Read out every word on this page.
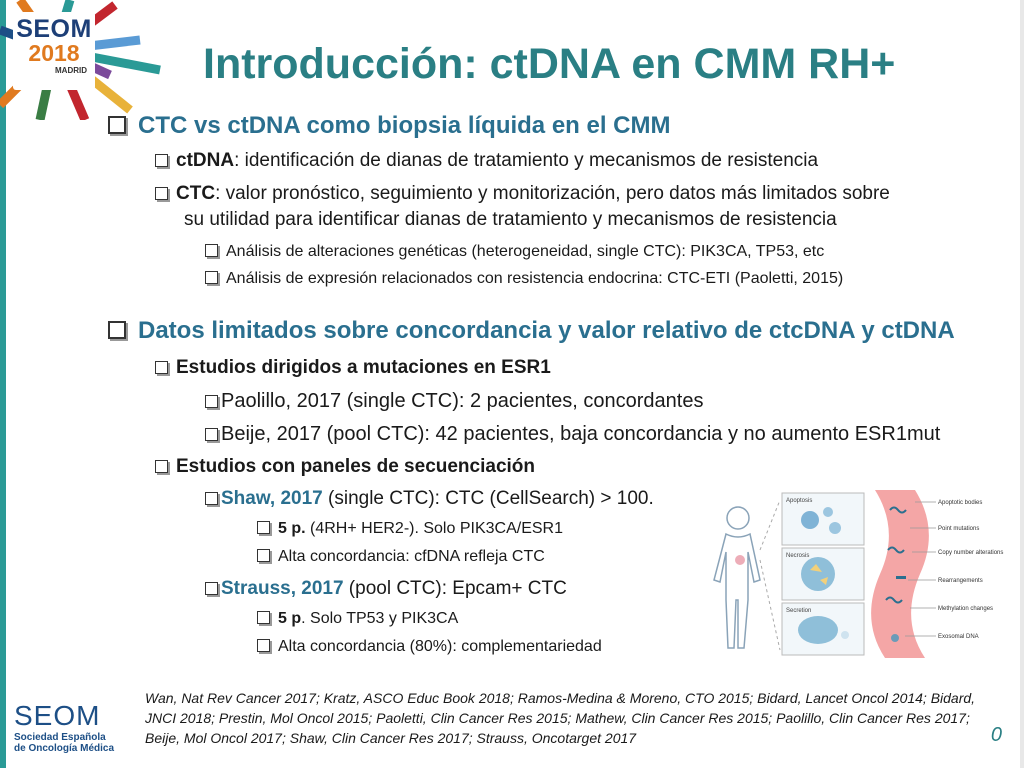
SEOM
2018
MADRID	Introducción: ctDNA en CMM RH+
CTC vs ctDNA como biopsia líquida en el CMM
ctDNA: identificación de dianas de tratamiento y mecanismos de resistencia
CTC: valor pronóstico, seguimiento y monitorización, pero datos más limitados sobre
su utilidad para identificar dianas de tratamiento y mecanismos de resistencia
Análisis de alteraciones genéticas (heterogeneidad, single CTC): PIK3CA, TP53, etc
Análisis de expresión relacionados con resistencia endocrina: CTC-ETI (Paoletti, 2015)
Datos limitados sobre concordancia y valor relativo de ctcDNA y ctDNA
Estudios dirigidos a mutaciones en ESR1
Paolillo, 2017 (single CTC): 2 pacientes, concordantes
Beije, 2017 (pool CTC): 42 pacientes, baja concordancia y no aumento ESR1mut
Estudios con paneles de secuenciación
Shaw, 2017 (single CTC): CTC (CellSearch) > 100.
5 p. (4RH+ HER2-). Solo PIK3CA/ESR1
Alta concordancia: cfDNA refleja CTC
Strauss, 2017 (pool CTC): Epcam+ CTC
5 p. Solo TP53 y PIK3CA
Alta concordancia (80%): complementariedad
Apoptosis
Necrosis
Secretion
Apoptotic bodies
Point mutations
Copy number alterations
Rearrangements
Methylation changes
Exosomal DNA
SEOM
Sociedad Española
de Oncología Médica
Wan, Nat Rev Cancer 2017; Kratz, ASCO Educ Book 2018; Ramos-Medina & Moreno, CTO 2015; Bidard, Lancet Oncol 2014; Bidard, JNCI 2018; Prestin, Mol Oncol 2015; Paoletti, Clin Cancer Res 2015; Mathew, Clin Cancer Res 2015; Paolillo, Clin Cancer Res 2017; Beije, Mol Oncol 2017; Shaw, Clin Cancer Res 2017; Strauss, Oncotarget 2017	0
